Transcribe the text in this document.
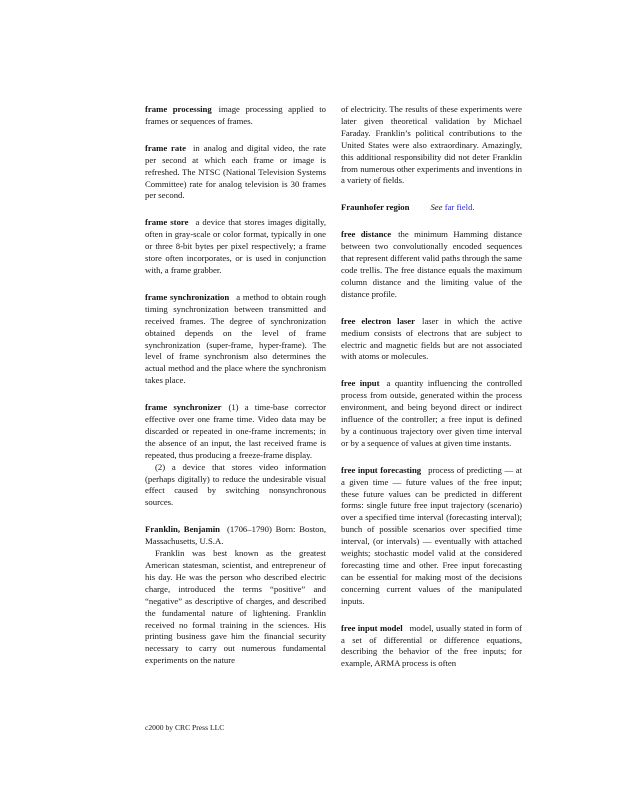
frame processing image processing applied to frames or sequences of frames.

frame rate in analog and digital video, the rate per second at which each frame or image is refreshed. The NTSC (National Television Systems Committee) rate for analog television is 30 frames per second.

frame store a device that stores images digitally, often in gray-scale or color format, typically in one or three 8-bit bytes per pixel respectively; a frame store often incorporates, or is used in conjunction with, a frame grabber.

frame synchronization a method to obtain rough timing synchronization between transmitted and received frames. The degree of synchronization obtained depends on the level of frame synchronization (super-frame, hyper-frame). The level of frame synchronism also determines the actual method and the place where the synchronism takes place.

frame synchronizer (1) a time-base corrector effective over one frame time. Video data may be discarded or repeated in one-frame increments; in the absence of an input, the last received frame is repeated, thus producing a freeze-frame display.

(2) a device that stores video information (perhaps digitally) to reduce the undesirable visual effect caused by switching nonsynchronous sources.

Franklin, Benjamin (1706–1790) Born: Boston, Massachusetts, U.S.A.

Franklin was best known as the greatest American statesman, scientist, and entrepreneur of his day. He was the person who described electric charge, introduced the terms “positive” and “negative” as descriptive of charges, and described the fundamental nature of lightening. Franklin received no formal training in the sciences. His printing business gave him the financial security necessary to carry out numerous fundamental experiments on the nature

of electricity. The results of these experiments were later given theoretical validation by Michael Faraday. Franklin’s political contributions to the United States were also extraordinary. Amazingly, this additional responsibility did not deter Franklin from numerous other experiments and inventions in a variety of fields.

Fraunhofer region See far field.

free distance the minimum Hamming distance between two convolutionally encoded sequences that represent different valid paths through the same code trellis. The free distance equals the maximum column distance and the limiting value of the distance profile.

free electron laser laser in which the active medium consists of electrons that are subject to electric and magnetic fields but are not associated with atoms or molecules.

free input a quantity influencing the controlled process from outside, generated within the process environment, and being beyond direct or indirect influence of the controller; a free input is defined by a continuous trajectory over given time interval or by a sequence of values at given time instants.

free input forecasting process of predicting — at a given time — future values of the free input; these future values can be predicted in different forms: single future free input trajectory (scenario) over a specified time interval (forecasting interval); bunch of possible scenarios over specified time interval, (or intervals) — eventually with attached weights; stochastic model valid at the considered forecasting time and other. Free input forecasting can be essential for making most of the decisions concerning current values of the manipulated inputs.

free input model model, usually stated in form of a set of differential or difference equations, describing the behavior of the free inputs; for example, ARMA process is often

c2000 by CRC Press LLC
